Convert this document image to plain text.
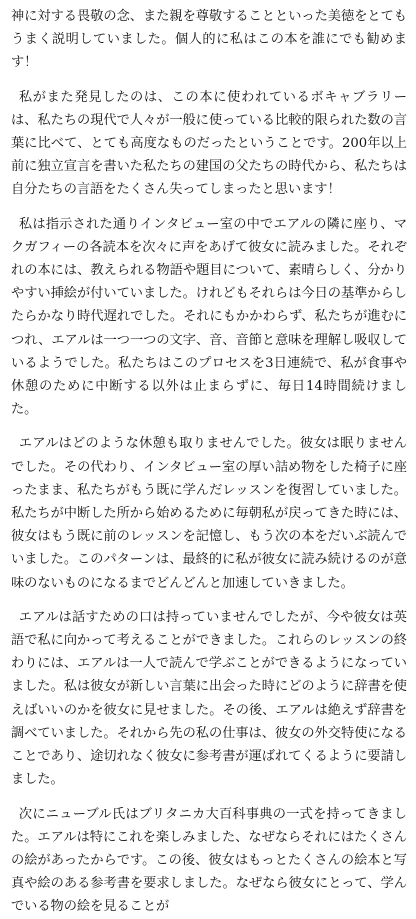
神に対する畏敬の念、また親を尊敬することといった美徳をとてもうまく説明していました。個人的に私はこの本を誰にでも勧めます！

私がまた発見したのは、この本に使われているボキャブラリーは、私たちの現代で人々が一般に使っている比較的限られた数の言葉に比べて、とても高度なものだったということです。200年以上前に独立宣言を書いた私たちの建国の父たちの時代から、私たちは自分たちの言語をたくさん失ってしまったと思います！

私は指示された通りインタビュー室の中でエアルの隣に座り、マクガフィーの各読本を次々に声をあげて彼女に読みました。それぞれの本には、教えられる物語や題目について、素晴らしく、分かりやすい挿絵が付いていました。けれどもそれらは今日の基準からしたらかなり時代遅れでした。それにもかかわらず、私たちが進むにつれ、エアルは一つ一つの文字、音、音節と意味を理解し吸収しているようでした。私たちはこのプロセスを3日連続で、私が食事や休憩のために中断する以外は止まらずに、毎日14時間続けました。

エアルはどのような休憩も取りませんでした。彼女は眠りませんでした。その代わり、インタビュー室の厚い詰め物をした椅子に座ったまま、私たちがもう既に学んだレッスンを復習していました。私たちが中断した所から始めるために毎朝私が戻ってきた時には、彼女はもう既に前のレッスンを記憶し、もう次の本をだいぶ読んでいました。このパターンは、最終的に私が彼女に読み続けるのが意味のないものになるまでどんどんと加速していきました。

エアルは話すための口は持っていませんでしたが、今や彼女は英語で私に向かって考えることができました。これらのレッスンの終わりには、エアルは一人で読んで学ぶことができるようになっていました。私は彼女が新しい言葉に出会った時にどのように辞書を使えばいいのかを彼女に見せました。その後、エアルは絶えず辞書を調べていました。それから先の私の仕事は、彼女の外交特使になることであり、途切れなく彼女に参考書が運ばれてくるように要請しました。

次にニューブル氏はブリタニカ大百科事典の一式を持ってきました。エアルは特にこれを楽しみました、なぜならそれにはたくさんの絵があったからです。この後、彼女はもっとたくさんの絵本と写真や絵のある参考書を要求しました。なぜなら彼女にとって、学んでいる物の絵を見ることが
